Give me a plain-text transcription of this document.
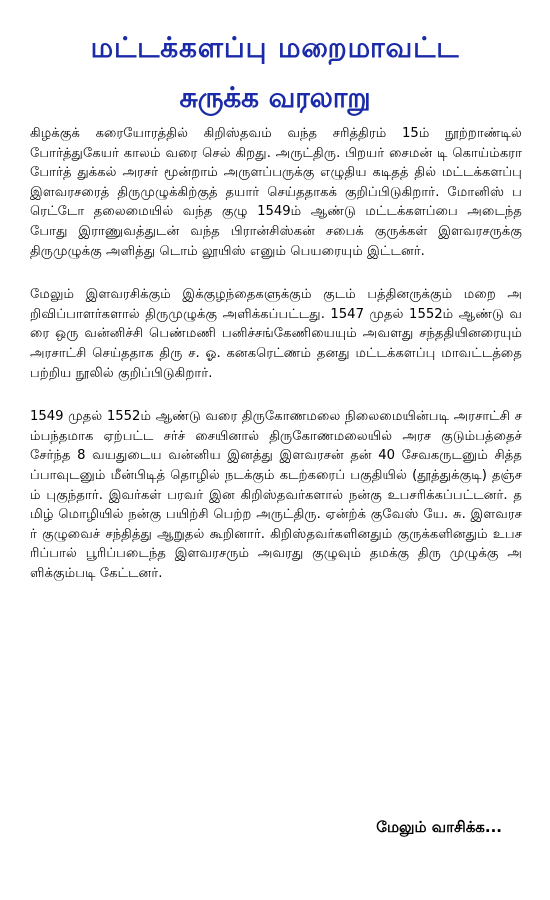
மட்டக்களப்பு மறைமாவட்ட
சுருக்க வரலாறு

கிழக்குக் கரையோரத்தில் கிறிஸ்தவம் வந்த சரித்திரம் 15ம் நூற்றாண்டில் போர்த்துகேயர் காலம் வரை செல் கிறது. அருட்திரு. பிறயர் சைமன் டி கொய்ம்கரா போர்த் துக்கல் அரசர் மூன்றாம் அருளப்பருக்கு எழுதிய கடிதத் தில் மட்டக்களப்பு இளவரசரைத் திருமுழுக்கிற்குத் தயார் செய்ததாகக் குறிப்பிடுகிறார். மோனிஸ் பரெட்டோ தலைமையில் வந்த குழு 1549ம் ஆண்டு மட்டக்களப்பை அடைந்தபோது இராணுவத்துடன் வந்த பிரான்சிஸ்கன் சபைக் குருக்கள் இளவரசருக்கு திருமுழுக்கு அளித்து டொம் லூயிஸ் எனும் பெயரையும் இட்டனர்.

மேலும் இளவரசிக்கும் இக்குழந்தைகளுக்கும் குடம் பத்தினருக்கும் மறை அறிவிப்பாளர்களால் திருமுழுக்கு அளிக்கப்பட்டது. 1547 முதல் 1552ம் ஆண்டு வரை ஒரு வன்னிச்சி பெண்மணி பனிச்சங்கேணியையும் அவளது சந்ததியினரையும் அரசாட்சி செய்ததாக திரு ச. ஓ. கனகரெட்ணம் தனது மட்டக்களப்பு மாவட்டத்தை பற்றிய நூலில் குறிப்பிடுகிறார்.

1549 முதல் 1552ம் ஆண்டு வரை திருகோணமலை நிலைமையின்படி அரசாட்சி சம்பந்தமாக ஏற்பட்ட சர்ச் சையினால் திருகோணமலையில் அரச குடும்பத்தைச் சேர்ந்த 8 வயதுடைய வன்னிய இனத்து இளவரசன் தன் 40 சேவகருடனும் சித்தப்பாவுடனும் மீன்பிடித் தொழில் நடக்கும் கடற்கரைப் பகுதியில் (தூத்துக்குடி) தஞ்சம் புகுந்தார். இவர்கள் பரவர் இன கிறிஸ்தவர்களால் நன்கு உபசரிக்கப்பட்டனர். தமிழ் மொழியில் நன்கு பயிற்சி பெற்ற அருட்திரு. ஏன்ற்க் குவேஸ் யே. சு. இளவரசர் குழுவைச் சந்தித்து ஆறுதல் கூறினார். கிறிஸ்தவர்களினதும் குருக்களினதும் உபசரிப்பால் பூரிப்படைந்த இளவரசரும் அவரது குழுவும் தமக்கு திரு முழுக்கு அளிக்கும்படி கேட்டனர்.

மேலும் வாசிக்க...
